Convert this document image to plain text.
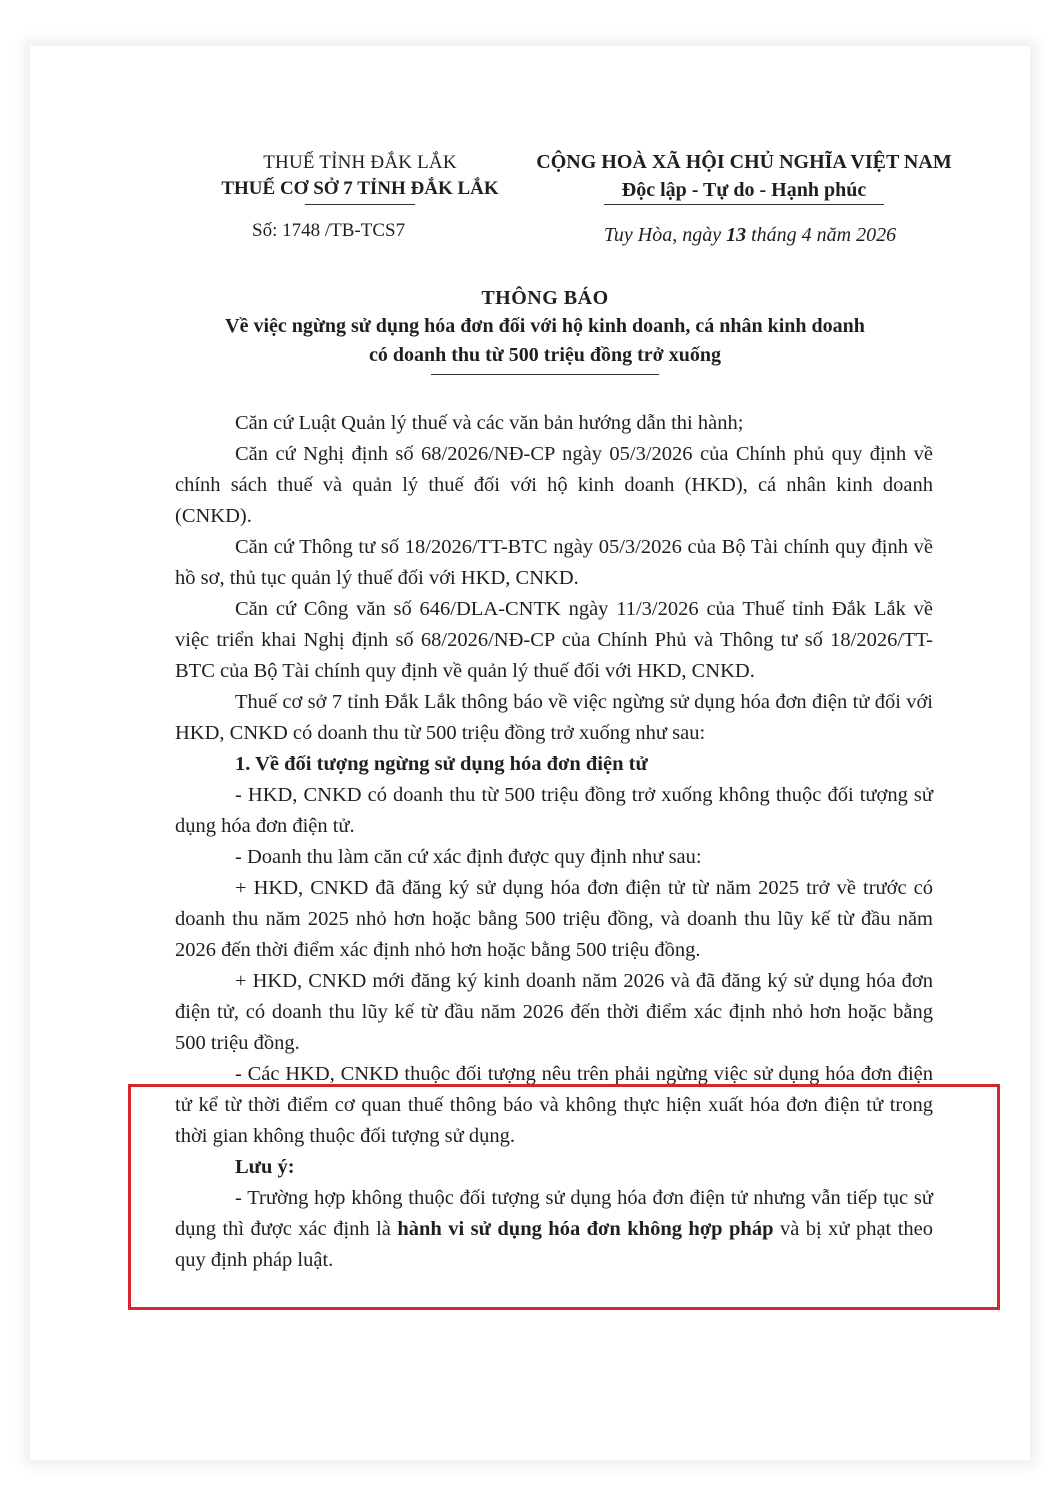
THUẾ TỈNH ĐẮK LẮK
THUẾ CƠ SỞ 7 TỈNH ĐẮK LẮK
Số: 1748 /TB-TCS7
CỘNG HOÀ XÃ HỘI CHỦ NGHĨA VIỆT NAM
Độc lập - Tự do - Hạnh phúc
Tuy Hòa, ngày 13 tháng 4 năm 2026
THÔNG BÁO
Về việc ngừng sử dụng hóa đơn đối với hộ kinh doanh, cá nhân kinh doanh
có doanh thu từ 500 triệu đồng trở xuống

Căn cứ Luật Quản lý thuế và các văn bản hướng dẫn thi hành;

Căn cứ Nghị định số 68/2026/NĐ-CP ngày 05/3/2026 của Chính phủ quy định về chính sách thuế và quản lý thuế đối với hộ kinh doanh (HKD), cá nhân kinh doanh (CNKD).

Căn cứ Thông tư số 18/2026/TT-BTC ngày 05/3/2026 của Bộ Tài chính quy định về hồ sơ, thủ tục quản lý thuế đối với HKD, CNKD.

Căn cứ Công văn số 646/DLA-CNTK ngày 11/3/2026 của Thuế tỉnh Đắk Lắk về việc triển khai Nghị định số 68/2026/NĐ-CP của Chính Phủ và Thông tư số 18/2026/TT-BTC của Bộ Tài chính quy định về quản lý thuế đối với HKD, CNKD.

Thuế cơ sở 7 tỉnh Đắk Lắk thông báo về việc ngừng sử dụng hóa đơn điện tử đối với HKD, CNKD có doanh thu từ 500 triệu đồng trở xuống như sau:

1. Về đối tượng ngừng sử dụng hóa đơn điện tử

- HKD, CNKD có doanh thu từ 500 triệu đồng trở xuống không thuộc đối tượng sử dụng hóa đơn điện tử.

- Doanh thu làm căn cứ xác định được quy định như sau:

+ HKD, CNKD đã đăng ký sử dụng hóa đơn điện tử từ năm 2025 trở về trước có doanh thu năm 2025 nhỏ hơn hoặc bằng 500 triệu đồng, và doanh thu lũy kế từ đầu năm 2026 đến thời điểm xác định nhỏ hơn hoặc bằng 500 triệu đồng.

+ HKD, CNKD mới đăng ký kinh doanh năm 2026 và đã đăng ký sử dụng hóa đơn điện tử, có doanh thu lũy kế từ đầu năm 2026 đến thời điểm xác định nhỏ hơn hoặc bằng 500 triệu đồng.

- Các HKD, CNKD thuộc đối tượng nêu trên phải ngừng việc sử dụng hóa đơn điện tử kể từ thời điểm cơ quan thuế thông báo và không thực hiện xuất hóa đơn điện tử trong thời gian không thuộc đối tượng sử dụng.

Lưu ý:

- Trường hợp không thuộc đối tượng sử dụng hóa đơn điện tử nhưng vẫn tiếp tục sử dụng thì được xác định là hành vi sử dụng hóa đơn không hợp pháp và bị xử phạt theo quy định pháp luật.
